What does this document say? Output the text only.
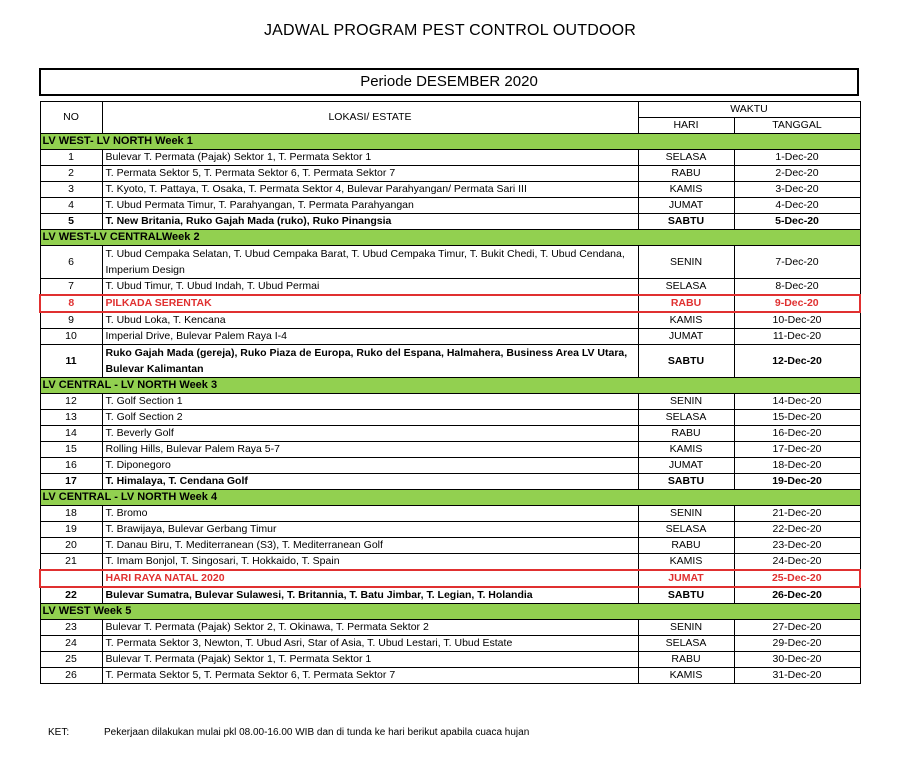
JADWAL PROGRAM PEST CONTROL OUTDOOR
Periode DESEMBER 2020
NO	LOKASI/ ESTATE	WAKTU	
		HARI	TANGGAL
LV WEST- LV NORTH Week 1			
1	Bulevar T. Permata (Pajak) Sektor 1, T. Permata Sektor 1	SELASA	1-Dec-20
2	T. Permata Sektor 5, T. Permata Sektor 6, T. Permata Sektor 7	RABU	2-Dec-20
3	T. Kyoto, T. Pattaya, T. Osaka, T. Permata Sektor 4, Bulevar Parahyangan/ Permata Sari III	KAMIS	3-Dec-20
4	T. Ubud Permata Timur, T. Parahyangan, T. Permata Parahyangan	JUMAT	4-Dec-20
5	T. New Britania, Ruko Gajah Mada (ruko), Ruko Pinangsia	SABTU	5-Dec-20
LV WEST-LV CENTRALWeek 2			
6	T. Ubud Cempaka Selatan, T. Ubud Cempaka Barat, T. Ubud Cempaka Timur, T. Bukit Chedi, T. Ubud Cendana, Imperium Design	SENIN	7-Dec-20
7	T. Ubud Timur, T. Ubud Indah, T. Ubud Permai	SELASA	8-Dec-20
8	PILKADA SERENTAK	RABU	9-Dec-20
9	T. Ubud Loka, T. Kencana	KAMIS	10-Dec-20
10	Imperial Drive, Bulevar Palem Raya I-4	JUMAT	11-Dec-20
11	Ruko Gajah Mada (gereja), Ruko Piaza de Europa, Ruko del Espana, Halmahera, Business Area LV Utara, Bulevar Kalimantan	SABTU	12-Dec-20
LV CENTRAL - LV NORTH Week 3			
12	T. Golf Section 1	SENIN	14-Dec-20
13	T. Golf Section 2	SELASA	15-Dec-20
14	T. Beverly Golf	RABU	16-Dec-20
15	Rolling Hills, Bulevar Palem Raya 5-7	KAMIS	17-Dec-20
16	T. Diponegoro	JUMAT	18-Dec-20
17	T. Himalaya, T. Cendana Golf	SABTU	19-Dec-20
LV CENTRAL - LV NORTH Week 4			
18	T. Bromo	SENIN	21-Dec-20
19	T. Brawijaya, Bulevar Gerbang Timur	SELASA	22-Dec-20
20	T. Danau Biru, T. Mediterranean (S3), T. Mediterranean Golf	RABU	23-Dec-20
21	T. Imam Bonjol, T. Singosari, T. Hokkaido, T. Spain	KAMIS	24-Dec-20
	HARI RAYA NATAL 2020	JUMAT	25-Dec-20
22	Bulevar Sumatra, Bulevar Sulawesi, T. Britannia, T. Batu Jimbar, T. Legian, T. Holandia	SABTU	26-Dec-20
LV WEST Week 5			
23	Bulevar T. Permata (Pajak) Sektor 2, T. Okinawa, T. Permata Sektor 2	SENIN	27-Dec-20
24	T. Permata Sektor 3, Newton, T. Ubud Asri, Star of Asia, T. Ubud Lestari, T. Ubud Estate	SELASA	29-Dec-20
25	Bulevar T. Permata (Pajak) Sektor 1, T. Permata Sektor 1	RABU	30-Dec-20
26	T. Permata Sektor 5, T. Permata Sektor 6, T. Permata Sektor 7	KAMIS	31-Dec-20
KET:	Pekerjaan dilakukan mulai pkl 08.00-16.00 WIB dan di tunda ke hari berikut apabila cuaca hujan
